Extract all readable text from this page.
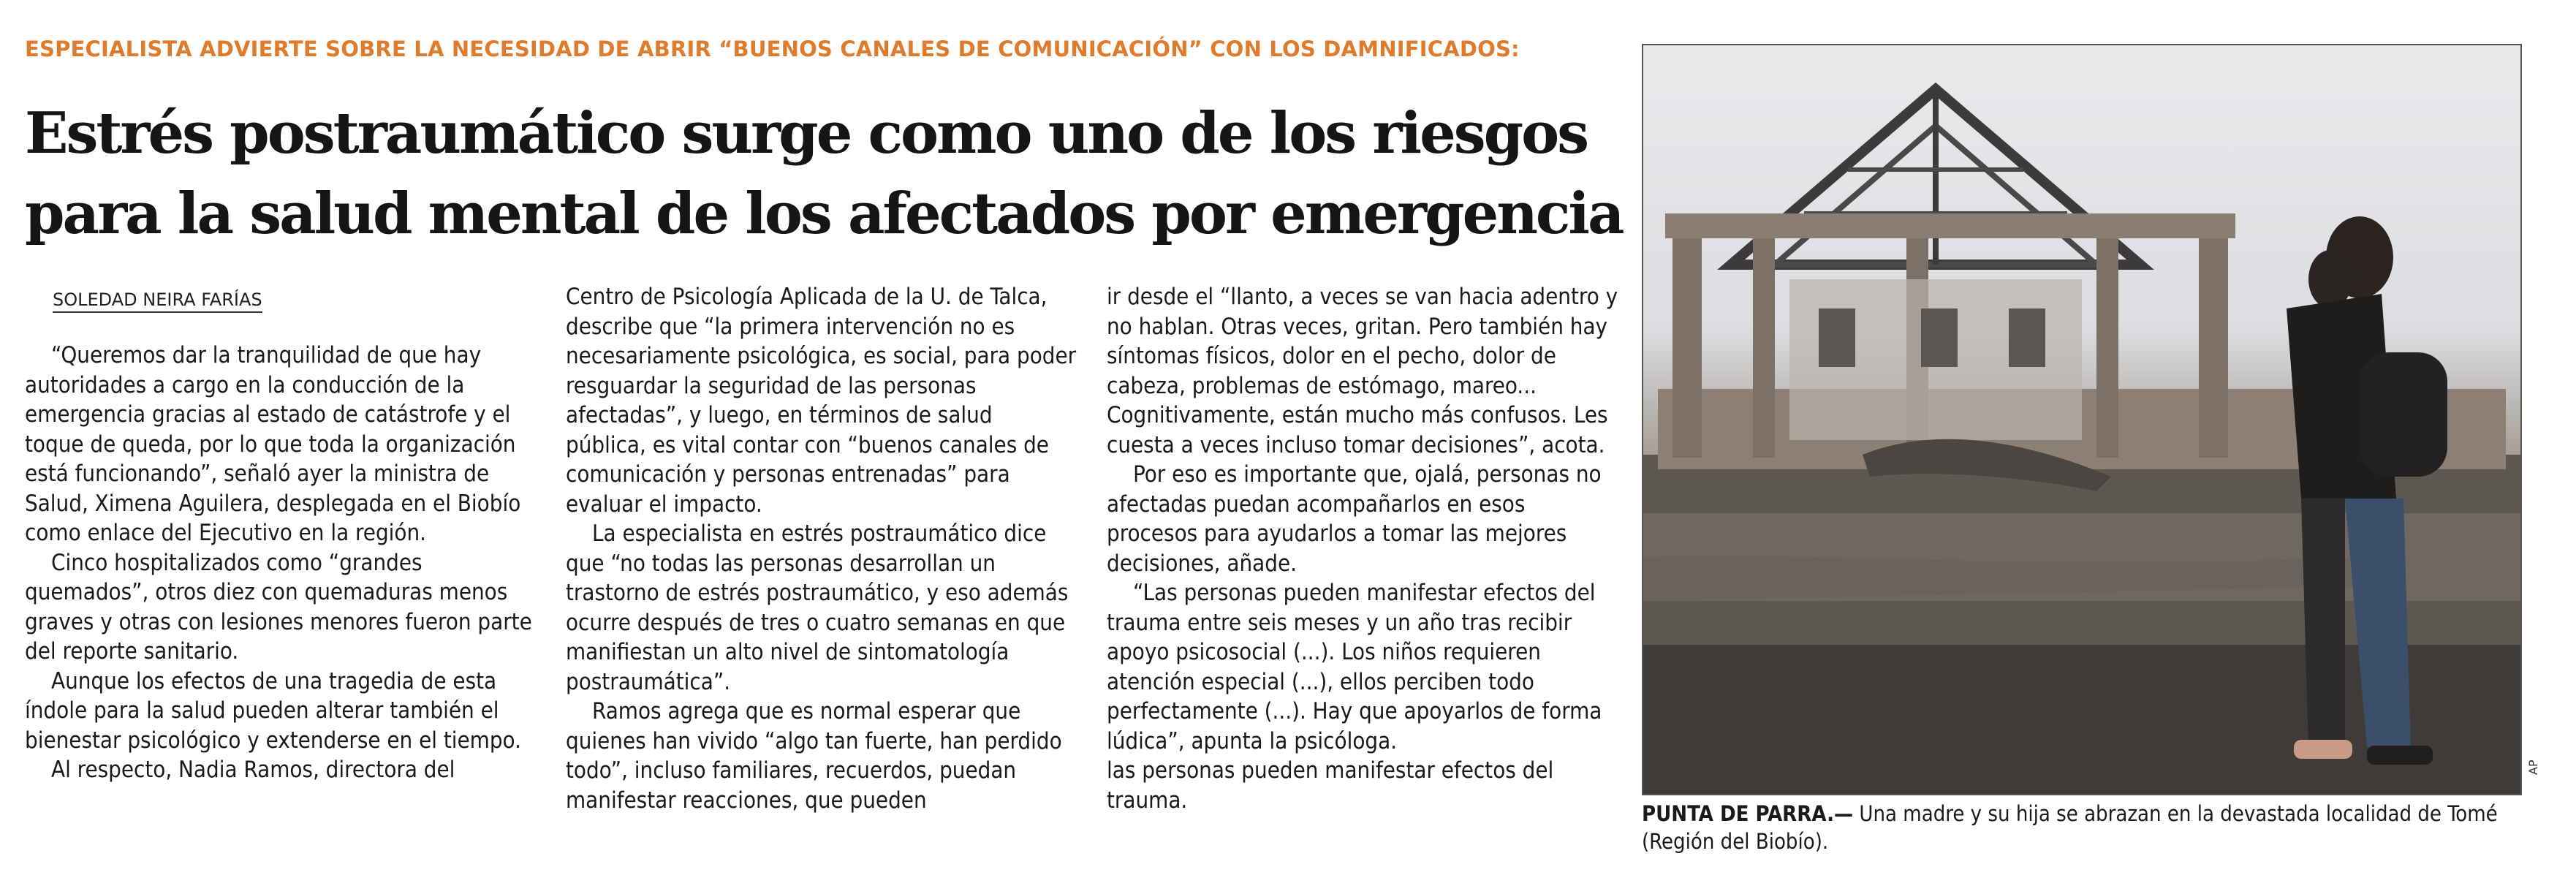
ESPECIALISTA ADVIERTE SOBRE LA NECESIDAD DE ABRIR “BUENOS CANALES DE COMUNICACIÓN” CON LOS DAMNIFICADOS:
Estrés postraumático surge como uno de los riesgos para la salud mental de los afectados por emergencia
SOLEDAD NEIRA FARÍAS

“Queremos dar la tranquilidad de que hay autoridades a cargo en la conducción de la emergencia gracias al estado de catástrofe y el toque de queda, por lo que toda la organización está funcionando”, señaló ayer la ministra de Salud, Ximena Aguilera, desplegada en el Biobío como enlace del Ejecutivo en la región.

Cinco hospitalizados como “grandes quemados”, otros diez con quemaduras menos graves y otras con lesiones menores fueron parte del reporte sanitario.

Aunque los efectos de una tragedia de esta índole para la salud pueden alterar también el bienestar psicológico y extenderse en el tiempo.

Al respecto, Nadia Ramos, directora del

Centro de Psicología Aplicada de la U. de Talca, describe que “la primera intervención no es necesariamente psicológica, es social, para poder resguardar la seguridad de las personas afectadas”, y luego, en términos de salud pública, es vital contar con “buenos canales de comunicación y personas entrenadas” para evaluar el impacto.

La especialista en estrés postraumático dice que “no todas las personas desarrollan un trastorno de estrés postraumático, y eso además ocurre después de tres o cuatro semanas en que manifiestan un alto nivel de sintomatología postraumática”.

Ramos agrega que es normal esperar que quienes han vivido “algo tan fuerte, han perdido todo”, incluso familiares, recuerdos, puedan manifestar reacciones, que pueden

ir desde el “llanto, a veces se van hacia adentro y no hablan. Otras veces, gritan. Pero también hay síntomas físicos, dolor en el pecho, dolor de cabeza, problemas de estómago, mareo... Cognitivamente, están mucho más confusos. Les cuesta a veces incluso tomar decisiones”, acota.

Por eso es importante que, ojalá, personas no afectadas puedan acompañarlos en esos procesos para ayudarlos a tomar las mejores decisiones, añade.

“Las personas pueden manifestar efectos del trauma entre seis meses y un año tras recibir apoyo psicosocial (...). Los niños requieren atención especial (...), ellos perciben todo perfectamente (...). Hay que apoyarlos de forma lúdica”, apunta la psicóloga.

las personas pueden manifestar efectos del trauma.

AP
PUNTA DE PARRA.— Una madre y su hija se abrazan en la devastada localidad de Tomé (Región del Biobío).
